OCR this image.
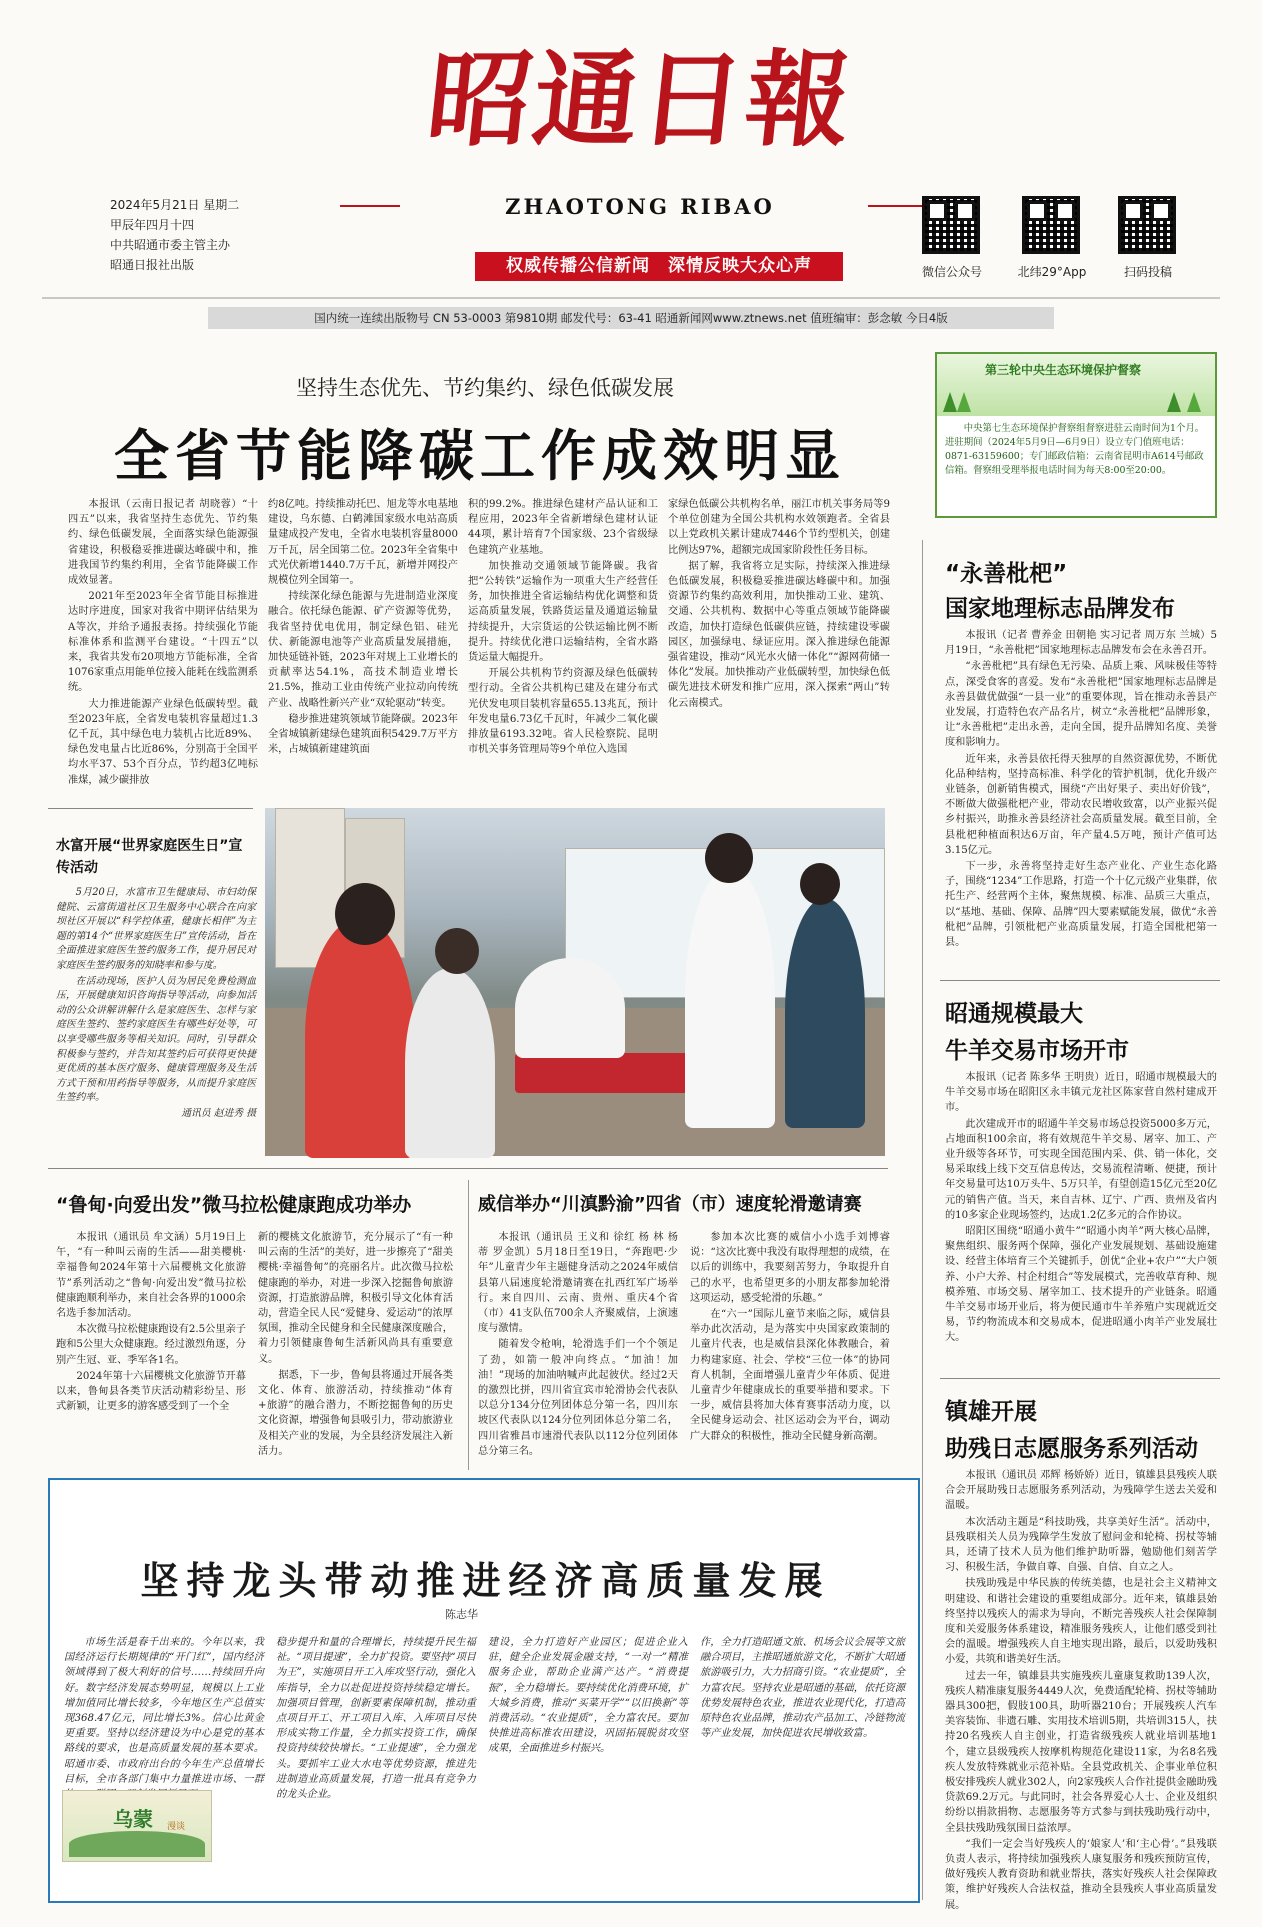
昭通日報
ZHAOTONG RIBAO
2024年5月21日 星期二
甲辰年四月十四
中共昭通市委主管主办
昭通日报社出版	权威传播公信新闻　深情反映大众心声	微信公众号	北纬29°App	扫码投稿
国内统一连续出版物号 CN 53-0003 第9810期 邮发代号：63-41 昭通新闻网www.ztnews.net 值班编审：彭念敏 今日4版
坚持生态优先、节约集约、绿色低碳发展
全省节能降碳工作成效明显

本报讯（云南日报记者 胡晓蓉）“十四五”以来，我省坚持生态优先、节约集约、绿色低碳发展，全面落实绿色能源强省建设，积极稳妥推进碳达峰碳中和，推进我国节约集约利用，全省节能降碳工作成效显著。

2021年至2023年全省节能目标推进达时序进度，国家对我省中期评估结果为A等次，并给予通报表扬。持续强化节能标准体系和监测平台建设。“十四五”以来，我省共发布20项地方节能标准，全省1076家重点用能单位接入能耗在线监测系统。

大力推进能源产业绿色低碳转型。截至2023年底，全省发电装机容量超过1.3亿千瓦，其中绿色电力装机占比近89%、绿色发电量占比近86%，分别高于全国平均水平37、53个百分点，节约超3亿吨标准煤，减少碳排放

约8亿吨。持续推动托巴、旭龙等水电基地建设，乌东德、白鹤滩国家级水电站高质量建成投产发电，全省水电装机容量8000万千瓦，居全国第二位。2023年全省集中式光伏新增1440.7万千瓦，新增并网投产规模位列全国第一。

持续深化绿色能源与先进制造业深度融合。依托绿色能源、矿产资源等优势，我省坚持优电优用，制定绿色铝、硅光伏、新能源电池等产业高质量发展措施，加快延链补链，2023年对规上工业增长的贡献率达54.1%，高技术制造业增长21.5%，推动工业由传统产业拉动向传统产业、战略性新兴产业“双轮驱动”转变。

稳步推进建筑领域节能降碳。2023年全省城镇新建绿色建筑面积5429.7万平方米，占城镇新建建筑面

积的99.2%。推进绿色建材产品认证和工程应用，2023年全省新增绿色建材认证44项，累计培育7个国家级、23个省级绿色建筑产业基地。

加快推动交通领域节能降碳。我省把“公转铁”运输作为一项重大生产经营任务，加快推进全省运输结构优化调整和货运高质量发展，铁路货运量及通道运输量持续提升，大宗货运的公铁运输比例不断提升。持续优化港口运输结构，全省水路货运量大幅提升。

开展公共机构节约资源及绿色低碳转型行动。全省公共机构已建及在建分布式光伏发电项目装机容量655.13兆瓦，预计年发电量6.73亿千瓦时，年减少二氧化碳排放量6193.32吨。省人民检察院、昆明市机关事务管理局等9个单位入选国

家绿色低碳公共机构名单，丽江市机关事务局等9个单位创建为全国公共机构水效领跑者。全省县以上党政机关累计建成7446个节约型机关，创建比例达97%，超额完成国家阶段性任务目标。

据了解，我省将立足实际，持续深入推进绿色低碳发展，积极稳妥推进碳达峰碳中和。加强资源节约集约高效利用，加快推动工业、建筑、交通、公共机构、数据中心等重点领域节能降碳改造，加快打造绿色低碳供应链，持续建设零碳园区，加强绿电、绿证应用。深入推进绿色能源强省建设，推动“风光水火储一体化”“源网荷储一体化”发展。加快推动产业低碳转型，加快绿色低碳先进技术研发和推广应用，深入探索“两山”转化云南模式。

第三轮中央生态环境保护督察
中央第七生态环境保护督察组督察进驻云南时间为1个月。进驻期间（2024年5月9日—6月9日）设立专门值班电话：0871-63159600；专门邮政信箱：云南省昆明市A614号邮政信箱。督察组受理举报电话时间为每天8:00至20:00。
“永善枇杷”
国家地理标志品牌发布

本报讯（记者 曹养金 田朝艳 实习记者 周万东 兰城）5月19日，“永善枇杷”国家地理标志品牌发布会在永善召开。

“永善枇杷”具有绿色无污染、品质上乘、风味极佳等特点，深受食客的喜爱。发布“永善枇杷”国家地理标志品牌是永善县做优做强“一县一业”的重要体现，旨在推动永善县产业发展，打造特色农产品名片，树立“永善枇杷”品牌形象，让“永善枇杷”走出永善，走向全国，提升品牌知名度、美誉度和影响力。

近年来，永善县依托得天独厚的自然资源优势，不断优化品种结构，坚持高标准、科学化的管护机制，优化升级产业链条，创新销售模式，围绕“产出好果子、卖出好价钱”，不断做大做强枇杷产业，带动农民增收致富，以产业振兴促乡村振兴，助推永善县经济社会高质量发展。截至目前，全县枇杷种植面积达6万亩，年产量4.5万吨，预计产值可达3.15亿元。

下一步，永善将坚持走好生态产业化、产业生态化路子，围绕“1234”工作思路，打造一个十亿元级产业集群，依托生产、经营两个主体，聚焦规模、标准、品质三大重点，以“基地、基础、保障、品牌”四大要素赋能发展，做优“永善枇杷”品牌，引领枇杷产业高质量发展，打造全国枇杷第一县。

昭通规模最大
牛羊交易市场开市

本报讯（记者 陈多华 王明贵）近日，昭通市规模最大的牛羊交易市场在昭阳区永丰镇元龙社区陈家营自然村建成开市。

此次建成开市的昭通牛羊交易市场总投资5000多万元，占地面积100余亩，将有效规范牛羊交易、屠宰、加工、产业升级等各环节，可实现全国范围内采、供、销一体化，交易采取线上线下交互信息传达，交易流程清晰、便捷，预计年交易量可达10万头牛、5万只羊，有望创造15亿元至20亿元的销售产值。当天，来自吉林、辽宁、广西、贵州及省内的10多家企业现场签约，达成1.2亿多元的合作协议。

昭阳区围绕“昭通小黄牛”“昭通小肉羊”两大核心品牌，聚焦组织、服务两个保障，强化产业发展规划、基础设施建设、经营主体培育三个关键抓手，创优“企业+农户”“大户领养、小户大养、村企村组合”等发展模式，完善收草育种、规模养殖、市场交易、屠宰加工、技术提升的产业链条。昭通牛羊交易市场开业后，将为便民通市牛羊养殖户实现就近交易，节约物流成本和交易成本，促进昭通小肉羊产业发展壮大。

镇雄开展
助残日志愿服务系列活动

本报讯（通讯员 邓辉 杨娇娇）近日，镇雄县县残疾人联合会开展助残日志愿服务系列活动，为残障学生送去关爱和温暖。

本次活动主题是“科技助残，共享美好生活”。活动中，县残联相关人员为残障学生发放了慰问金和轮椅、拐杖等辅具，还请了技术人员为他们维护助听器，勉励他们刻苦学习、积极生活，争做自尊、自强、自信、自立之人。

扶残助残是中华民族的传统美德，也是社会主义精神文明建设、和谐社会建设的重要组成部分。近年来，镇雄县始终坚持以残疾人的需求为导向，不断完善残疾人社会保障制度和关爱服务体系建设，精准服务残疾人，让他们感受到社会的温暖。增强残疾人自主地实现出路，最后，以爱助残积小爱，共筑和谐美好生活。

过去一年，镇雄县共实施残疾儿童康复救助139人次，残疾人精准康复服务4449人次，免费适配轮椅、拐杖等辅助器具300把，假肢100具，助听器210台；开展残疾人汽车美容装饰、非遗石雕、实用技术培训5期，共培训315人，扶持20名残疾人自主创业，打造省级残疾人就业培训基地1个，建立县级残疾人按摩机构规范化建设11家，为名8名残疾人发放特殊就业示范补贴。全县党政机关、企事业单位积极安排残疾人就业302人，向2家残疾人合作社提供金融助残贷款69.2万元。与此同时，社会各界爱心人士、企业及组织纷纷以捐款捐物、志愿服务等方式参与到扶残助残行动中，全县扶残助残氛围日益浓厚。

“我们一定会当好残疾人的‘娘家人’和‘主心骨’。”县残联负责人表示，将持续加强残疾人康复服务和残疾预防宣传，做好残疾人教育资助和就业帮扶，落实好残疾人社会保障政策，维护好残疾人合法权益，推动全县残疾人事业高质量发展。

水富开展“世界家庭医生日”宣传活动

5月20日，水富市卫生健康局、市妇幼保健院、云富街道社区卫生服务中心联合在向家坝社区开展以“科学控体重，健康长相伴”为主题的第14个“世界家庭医生日”宣传活动，旨在全面推进家庭医生签约服务工作，提升居民对家庭医生签约服务的知晓率和参与度。

在活动现场，医护人员为居民免费检测血压，开展健康知识咨询指导等活动，向参加活动的公众讲解讲解什么是家庭医生、怎样与家庭医生签约、签约家庭医生有哪些好处等，可以享受哪些服务等相关知识。同时，引导群众积极参与签约，并告知其签约后可获得更快捷更优质的基本医疗服务、健康管理服务及生活方式干预和用药指导等服务，从而提升家庭医生签约率。

通讯员 赵进秀 摄

“鲁甸·向爱出发”微马拉松健康跑成功举办

本报讯（通讯员 牟文涵）5月19日上午，“有一种叫云南的生活——甜美樱桃·幸福鲁甸2024年第十六届樱桃文化旅游节”系列活动之“鲁甸·向爱出发”微马拉松健康跑顺利举办，来自社会各界的1000余名选手参加活动。

本次微马拉松健康跑设有2.5公里亲子跑和5公里大众健康跑。经过激烈角逐，分别产生冠、亚、季军各1名。

2024年第十六届樱桃文化旅游节开幕以来，鲁甸县各类节庆活动精彩纷呈、形式新颖，让更多的游客感受到了一个全

新的樱桃文化旅游节，充分展示了“有一种叫云南的生活”的美好，进一步擦亮了“甜美樱桃·幸福鲁甸”的亮丽名片。此次微马拉松健康跑的举办，对进一步深入挖掘鲁甸旅游资源，打造旅游品牌，积极引导文化体育活动，营造全民人民“爱健身、爱运动”的浓厚氛围，推动全民健身和全民健康深度融合，着力引领健康鲁甸生活新风尚具有重要意义。

据悉，下一步，鲁甸县将通过开展各类文化、体育、旅游活动，持续推动“体育+旅游”的融合潜力，不断挖掘鲁甸的历史文化资源，增强鲁甸县吸引力，带动旅游业及相关产业的发展，为全县经济发展注入新活力。

威信举办“川滇黔渝”四省（市）速度轮滑邀请赛

本报讯（通讯员 王义和 徐红 杨 林 杨 蒂 罗金凯）5月18日至19日，“奔跑吧·少年”儿童青少年主题健身活动之2024年威信县第八届速度轮滑邀请赛在扎西红军广场举行。来自四川、云南、贵州、重庆4个省（市）41支队伍700余人齐聚威信，上演速度与激情。

随着发令枪响，轮滑选手们一个个领足了劲，如箭一般冲向终点。“加油！加油！”现场的加油呐喊声此起彼伏。经过2天的激烈比拼，四川省宜宾市轮滑协会代表队以总分134分位列团体总分第一名，四川东坡区代表队以124分位列团体总分第二名，四川省雅昌市速滑代表队以112分位列团体总分第三名。

参加本次比赛的威信小小选手刘博睿说：“这次比赛中我没有取得理想的成绩，在以后的训练中，我要刻苦努力，争取提升自己的水平，也希望更多的小朋友都参加轮滑这项运动，感受轮滑的乐趣。”

在“六一”国际儿童节来临之际，威信县举办此次活动，是为落实中央国家政策制的儿童片代表，也是威信县深化体教融合，着力构建家庭、社会、学校“三位一体”的协同育人机制，全面增强儿童青少年体质、促进儿童青少年健康成长的重要举措和要求。下一步，威信县将加大体育赛事活动力度，以全民健身运动会、社区运动会为平台，调动广大群众的积极性，推动全民健身新高潮。

坚持龙头带动推进经济高质量发展
陈志华

市场生活是春千出来的。今年以来，我国经济运行长期规律的“开门红”，国内经济领域得到了极大利好的信号……持续回升向好。数字经济发展态势明显，规模以上工业增加值同比增长较多，今年地区生产总值实现368.47亿元，同比增长3%。信心比黄金更重要。坚持以经济建设为中心是党的基本路线的要求，也是高质量发展的基本要求。昭通市委、市政府出台的今年生产总值增长目标，全市各部门集中力量推进市场、一群

稳步提升和量的合理增长，持续提升民生福祉。“项目提速”，全力扩投资。要坚持“项目为王”，实施项目开工入库攻坚行动，强化入库指导，全力以赴促进投资持续稳定增长。加强项目管理，创新要素保障机制，推动重点项目开工、开工项目入库、入库项目尽快形成实物工作量，全力抓实投资工作，确保投资持续较快增长。“工业提速”，全力强龙头。要抓牢工业大水电等优势资源，推进先进制造业高质量发展，打造一批具有竞争力的龙头企业。

建设，全力打造好产业园区；促进企业入驻，健全企业发展金融支持，“一对一”精准服务企业，帮助企业满产达产。“消费提振”，全力稳增长。要持续优化消费环境，扩大城乡消费，推动“买菜开学”“以旧换新”等消费活动。“农业提质”，全力富农民。要加快推进高标准农田建设，巩固拓展脱贫攻坚成果，全面推进乡村振兴。

作，全力打造昭通文旅、机场会议会展等文旅融合项目，主推昭通旅游文化，不断扩大昭通旅游吸引力，大力招商引资。“农业提质”，全力富农民。坚持农业是昭通的基础，依托资源优势发展特色农业，推进农业现代化，打造高原特色农业品牌，推动农产品加工、冷链物流等产业发展，加快促进农民增收致富。

乌蒙 漫谈
